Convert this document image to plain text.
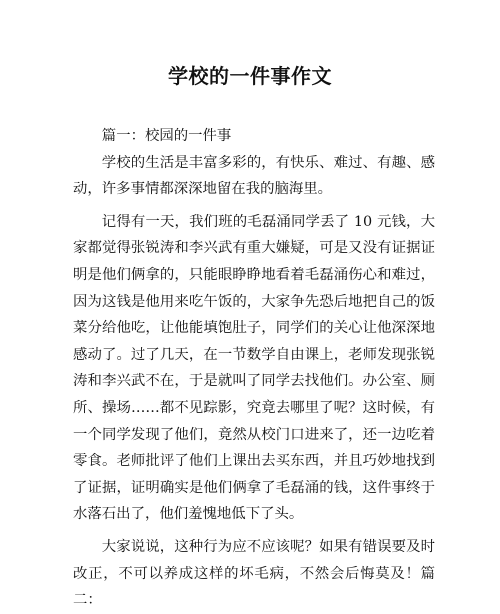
学校的一件事作文

篇一：校园的一件事

学校的生活是丰富多彩的，有快乐、难过、有趣、感动，许多事情都深深地留在我的脑海里。

记得有一天，我们班的毛磊涌同学丢了 10 元钱，大家都觉得张锐涛和李兴武有重大嫌疑，可是又没有证据证明是他们俩拿的，只能眼睁睁地看着毛磊涌伤心和难过，因为这钱是他用来吃午饭的，大家争先恐后地把自己的饭菜分给他吃，让他能填饱肚子，同学们的关心让他深深地感动了。过了几天，在一节数学自由课上，老师发现张锐涛和李兴武不在，于是就叫了同学去找他们。办公室、厕所、操场……都不见踪影，究竟去哪里了呢？这时候，有一个同学发现了他们，竟然从校门口进来了，还一边吃着零食。老师批评了他们上课出去买东西，并且巧妙地找到了证据，证明确实是他们俩拿了毛磊涌的钱，这件事终于水落石出了，他们羞愧地低下了头。

大家说说，这种行为应不应该呢？如果有错误要及时改正，不可以养成这样的坏毛病，不然会后悔莫及！篇二：
